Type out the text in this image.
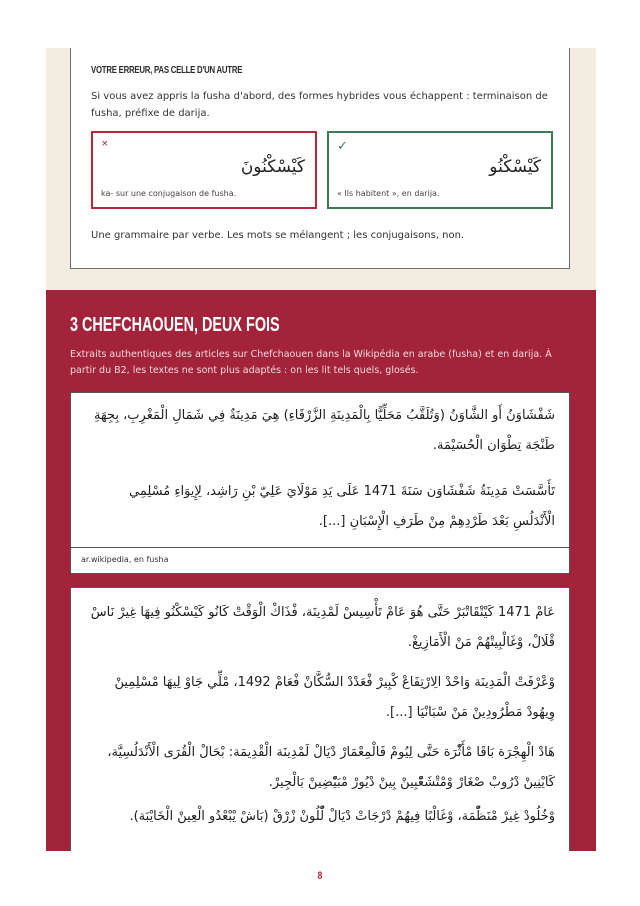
VOTRE ERREUR, PAS CELLE D'UN AUTRE
Si vous avez appris la fusha d'abord, des formes hybrides vous échappent : terminaison de fusha, préfixe de darija.
×
كَيْسْكْنُونَ
ka- sur une conjugaison de fusha.
✓
كَيْسْكْنُو
« Ils habitent », en darija.
Une grammaire par verbe. Les mots se mélangent ; les conjugaisons, non.
3 CHEFCHAOUEN, DEUX FOIS
Extraits authentiques des articles sur Chefchaouen dans la Wikipédia en arabe (fusha) et en darija. À partir du B2, les textes ne sont plus adaptés : on les lit tels quels, glosés.

شَفْشَاوَنُ أَو الشَّاوَنُ (وَتُلَقَّبُ مَحَلِّيًّا بِالْمَدِينَةِ الزَّرْقَاءِ) هِيَ مَدِينَةٌ فِي شَمَالِ الْمَغْرِبِ، بِجِهَةِ طَنْجَة تِطْوَان الْحُسَيْمَة.

تَأَسَّسَتْ مَدِينَةُ شَفْشَاوَن سَنَةَ 1471 عَلَى يَدِ مَوْلَايَ عَلِيّ بْنِ رَاشِد، لِإِيوَاءِ مُسْلِمِي الْأَنْدَلُسِ بَعْدَ طَرْدِهِمْ مِنْ طَرَفِ الْإِسْبَانِ [...].

ar.wikipedia, en fusha

عَامْ 1471 كَيْتْقَاتْبَرْ حَتَّى هُوَ عَامْ تَأْسِيسْ لَمْدِينَة، فْذَاكْ الْوَقْتْ كَانُو كَيْسْكْنُو فِيهَا غِيرْ نَاسْ قْلَالْ، وْغَالْبِيتْهُمْ مَنْ الْأَمَازِيغْ.

وْعْرْفَتْ الْمَدِينَة وَاحْدْ الِارْتِفَاعْ كْبِيرْ فْعَدْدْ السُّكَّانْ فْعَامْ 1492، مْلِّي جَاوْ لِيهَا مْسْلِمِينْ وِيهُودْ مَطْرُودِينْ مَنْ سْبَانْيَا [...].

هَادْ الْهِجْرَة بَاقَا مْأَثّْرَة حَتَّى لِيُومْ فَالْمِعْمَارْ دْيَالْ لَمْدِينَة الْقْدِيمَة: بْحَالْ الْقُرَى الْأَنْدَلُسِيَّة، كَايْنِينْ دْرُوبْ صْغَارْ وْمْتْشَعّْبِينْ بِينْ دْيُورْ مْبَيّْضِينْ بَالْجِيرْ.

وْخُلُودْ غِيرْ مْنَظّْمَة، وْغَالْبًا فِيهُمْ دْرْجَاتْ دْيَالْ لّْلُونْ زْرْقْ (بَاشْ يْبْعْدُو الْعِينْ الْخَايْبَة).

8
